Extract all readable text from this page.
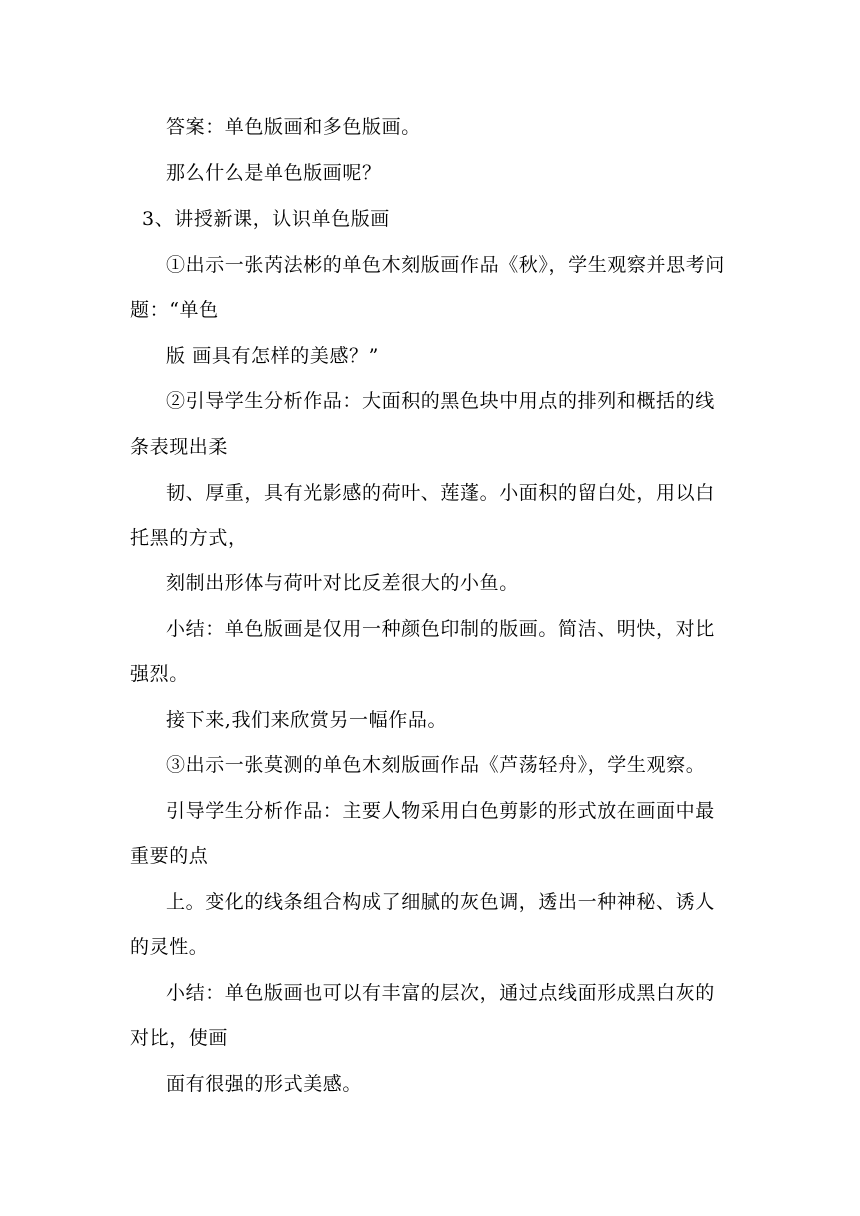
答案：单色版画和多色版画。
那么什么是单色版画呢？
3、讲授新课，认识单色版画
①出示一张芮法彬的单色木刻版画作品《秋》，学生观察并思考问
题：“单色
版 画具有怎样的美感？”
②引导学生分析作品：大面积的黑色块中用点的排列和概括的线
条表现出柔
韧、厚重，具有光影感的荷叶、莲蓬。小面积的留白处，用以白
托黑的方式，
刻制出形体与荷叶对比反差很大的小鱼。
小结：单色版画是仅用一种颜色印制的版画。简洁、明快，对比
强烈。
接下来,我们来欣赏另一幅作品。
③出示一张莫测的单色木刻版画作品《芦荡轻舟》，学生观察。
引导学生分析作品：主要人物采用白色剪影的形式放在画面中最
重要的点
上。变化的线条组合构成了细腻的灰色调，透出一种神秘、诱人
的灵性。
小结：单色版画也可以有丰富的层次，通过点线面形成黑白灰的
对比，使画
面有很强的形式美感。
